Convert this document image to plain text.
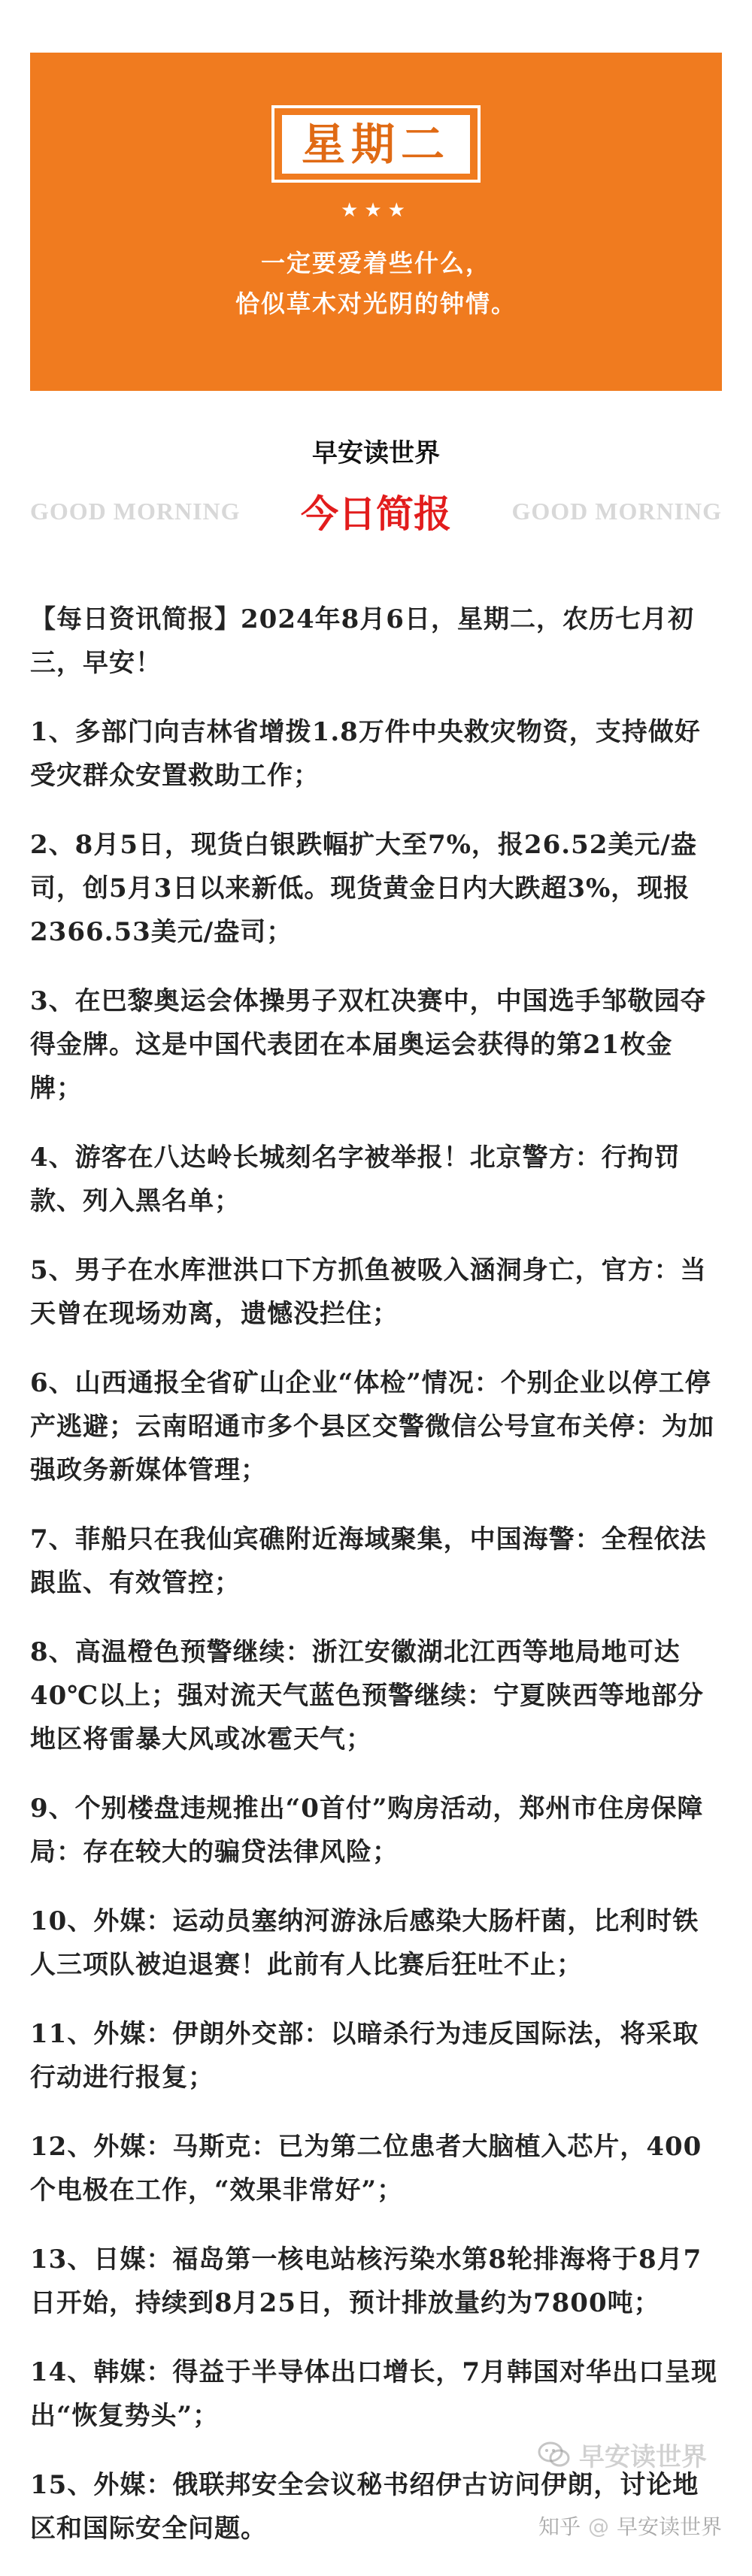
星期二
★★★
一定要爱着些什么，
恰似草木对光阴的钟情。
早安读世界
GOOD MORNING 今日简报	GOOD MORNING

【每日资讯简报】2024年8月6日，星期二，农历七月初三，早安！

1、多部门向吉林省增拨1.8万件中央救灾物资，支持做好受灾群众安置救助工作；

2、8月5日，现货白银跌幅扩大至7%，报26.52美元/盎司，创5月3日以来新低。现货黄金日内大跌超3%，现报2366.53美元/盎司；

3、在巴黎奥运会体操男子双杠决赛中，中国选手邹敬园夺得金牌。这是中国代表团在本届奥运会获得的第21枚金牌；

4、游客在八达岭长城刻名字被举报！北京警方：行拘罚款、列入黑名单；

5、男子在水库泄洪口下方抓鱼被吸入涵洞身亡，官方：当天曾在现场劝离，遗憾没拦住；

6、山西通报全省矿山企业“体检”情况：个别企业以停工停产逃避；云南昭通市多个县区交警微信公号宣布关停：为加强政务新媒体管理；

7、菲船只在我仙宾礁附近海域聚集，中国海警：全程依法跟监、有效管控；

8、高温橙色预警继续：浙江安徽湖北江西等地局地可达40℃以上；强对流天气蓝色预警继续：宁夏陕西等地部分地区将雷暴大风或冰雹天气；

9、个别楼盘违规推出“0首付”购房活动，郑州市住房保障局：存在较大的骗贷法律风险；

10、外媒：运动员塞纳河游泳后感染大肠杆菌，比利时铁人三项队被迫退赛！此前有人比赛后狂吐不止；

11、外媒：伊朗外交部：以暗杀行为违反国际法，将采取行动进行报复；

12、外媒：马斯克：已为第二位患者大脑植入芯片，400个电极在工作，“效果非常好”；

13、日媒：福岛第一核电站核污染水第8轮排海将于8月7日开始，持续到8月25日，预计排放量约为7800吨；

14、韩媒：得益于半导体出口增长，7月韩国对华出口呈现出“恢复势头”；

15、外媒：俄联邦安全会议秘书绍伊古访问伊朗，讨论地区和国际安全问题。

早安读世界
知乎 @ 早安读世界
